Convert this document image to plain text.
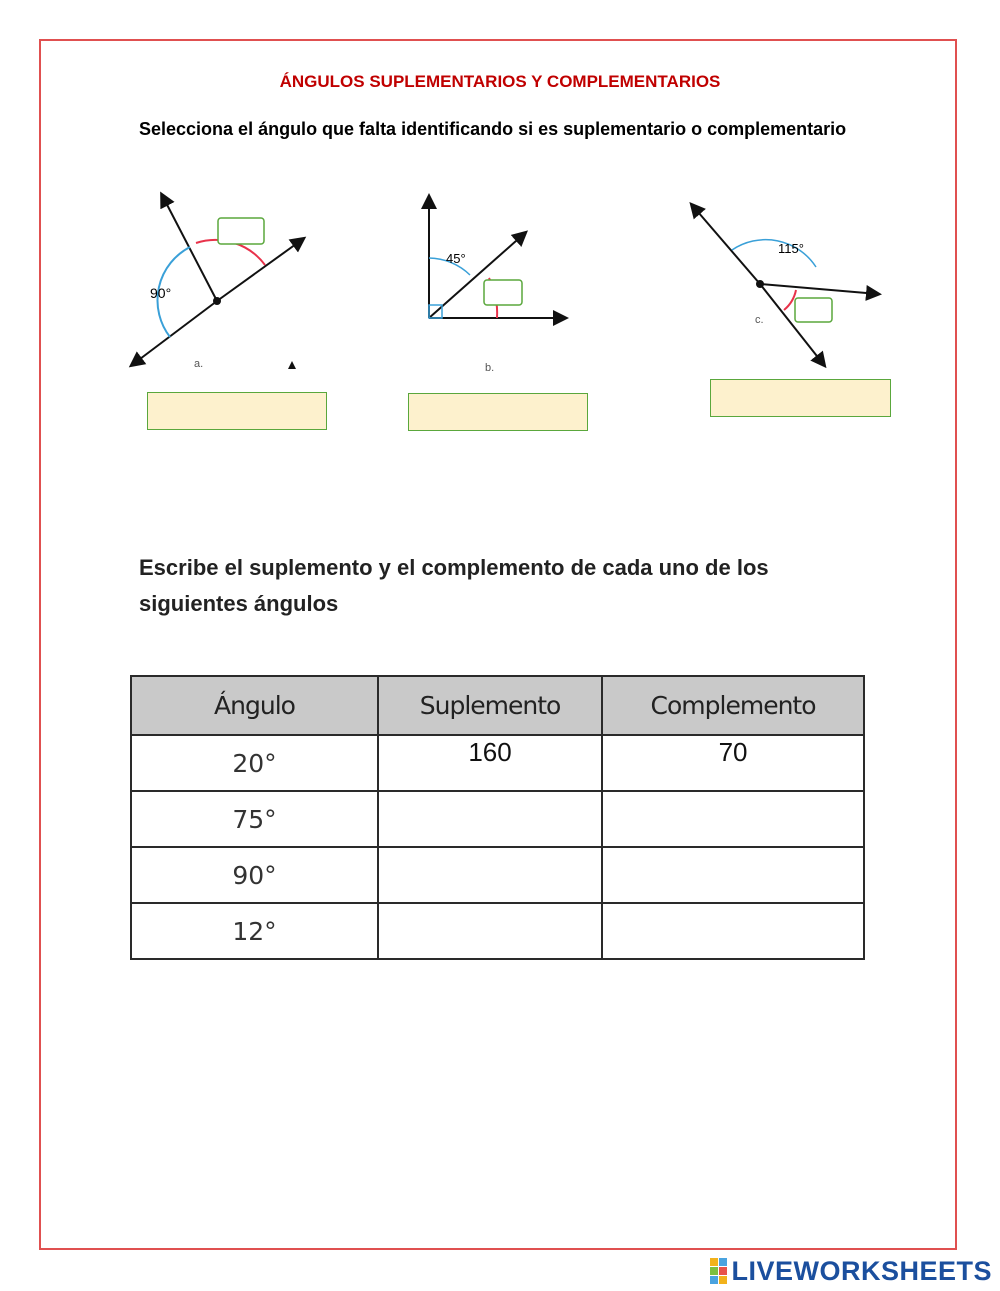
ÁNGULOS SUPLEMENTARIOS Y COMPLEMENTARIOS
Selecciona el ángulo que falta identificando si es suplementario o complementario
90°
a.
45°
b.
115°
c.
Escribe el suplemento y el complemento de cada uno de los siguientes ángulos
Ángulo	Suplemento	Complemento
20°	160	70

75°	

90°	

12°	

LIVEWORKSHEETS
